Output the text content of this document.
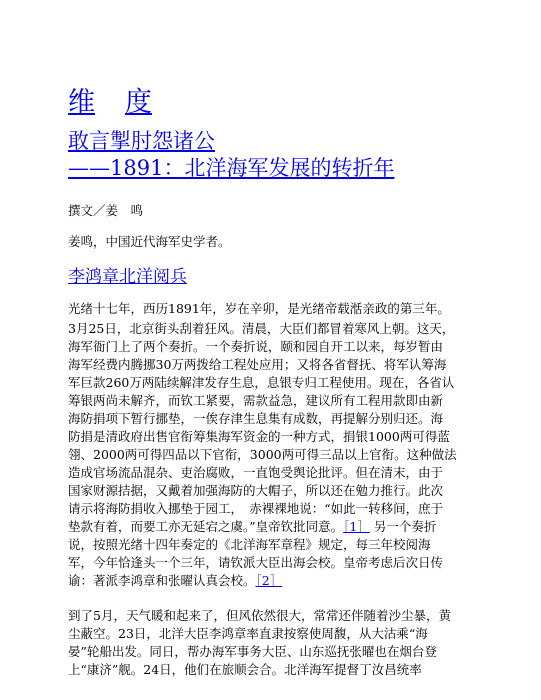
维 度
敢言掣肘怨诸公
——1891：北洋海军发展的转折年
撰文／姜　鸣
姜鸣，中国近代海军史学者。
李鸿章北洋阅兵
光绪十七年，西历1891年，岁在辛卯，是光绪帝载湉亲政的第三年。
3月25日，北京街头刮着狂风。清晨，大臣们都冒着寒风上朝。这天，
海军衙门上了两个奏折。一个奏折说，颐和园自开工以来，每岁暂由
海军经费内腾挪30万两拨给工程处应用；又将各省督抚、将军认筹海
军巨款260万两陆续解津发存生息，息银专归工程使用。现在，各省认
筹银两尚未解齐，而钦工紧要，需款益急，建议所有工程用款即由新
海防捐项下暂行挪垫，一俟存津生息集有成数，再提解分别归还。海
防捐是清政府出售官衔筹集海军资金的一种方式，捐银1000两可得蓝
翎、2000两可得四品以下官衔，3000两可得三品以上官衔。这种做法
造成官场流品混杂、吏治腐败，一直饱受舆论批评。但在清末，由于
国家财源拮据，又戴着加强海防的大帽子，所以还在勉力推行。此次
请示将海防捐收入挪垫于园工，　赤裸裸地说：“如此一转移间，庶于
垫款有着，而要工亦无延宕之虞。”皇帝钦批同意。［1］ 另一个奏折
说，按照光绪十四年奏定的《北洋海军章程》规定，每三年校阅海
军，今年恰逢头一个三年，请钦派大臣出海会校。皇帝考虑后次日传
谕：著派李鸿章和张曜认真会校。［2］
到了5月，天气暖和起来了，但风依然很大，常常还伴随着沙尘暴，黄
尘蔽空。23日，北洋大臣李鸿章率直隶按察使周馥，从大沽乘“海
晏”轮船出发。同日，帮办海军事务大臣、山东巡抚张曜也在烟台登
上“康济”舰。24日，他们在旅顺会合。北洋海军提督丁汝昌统率
